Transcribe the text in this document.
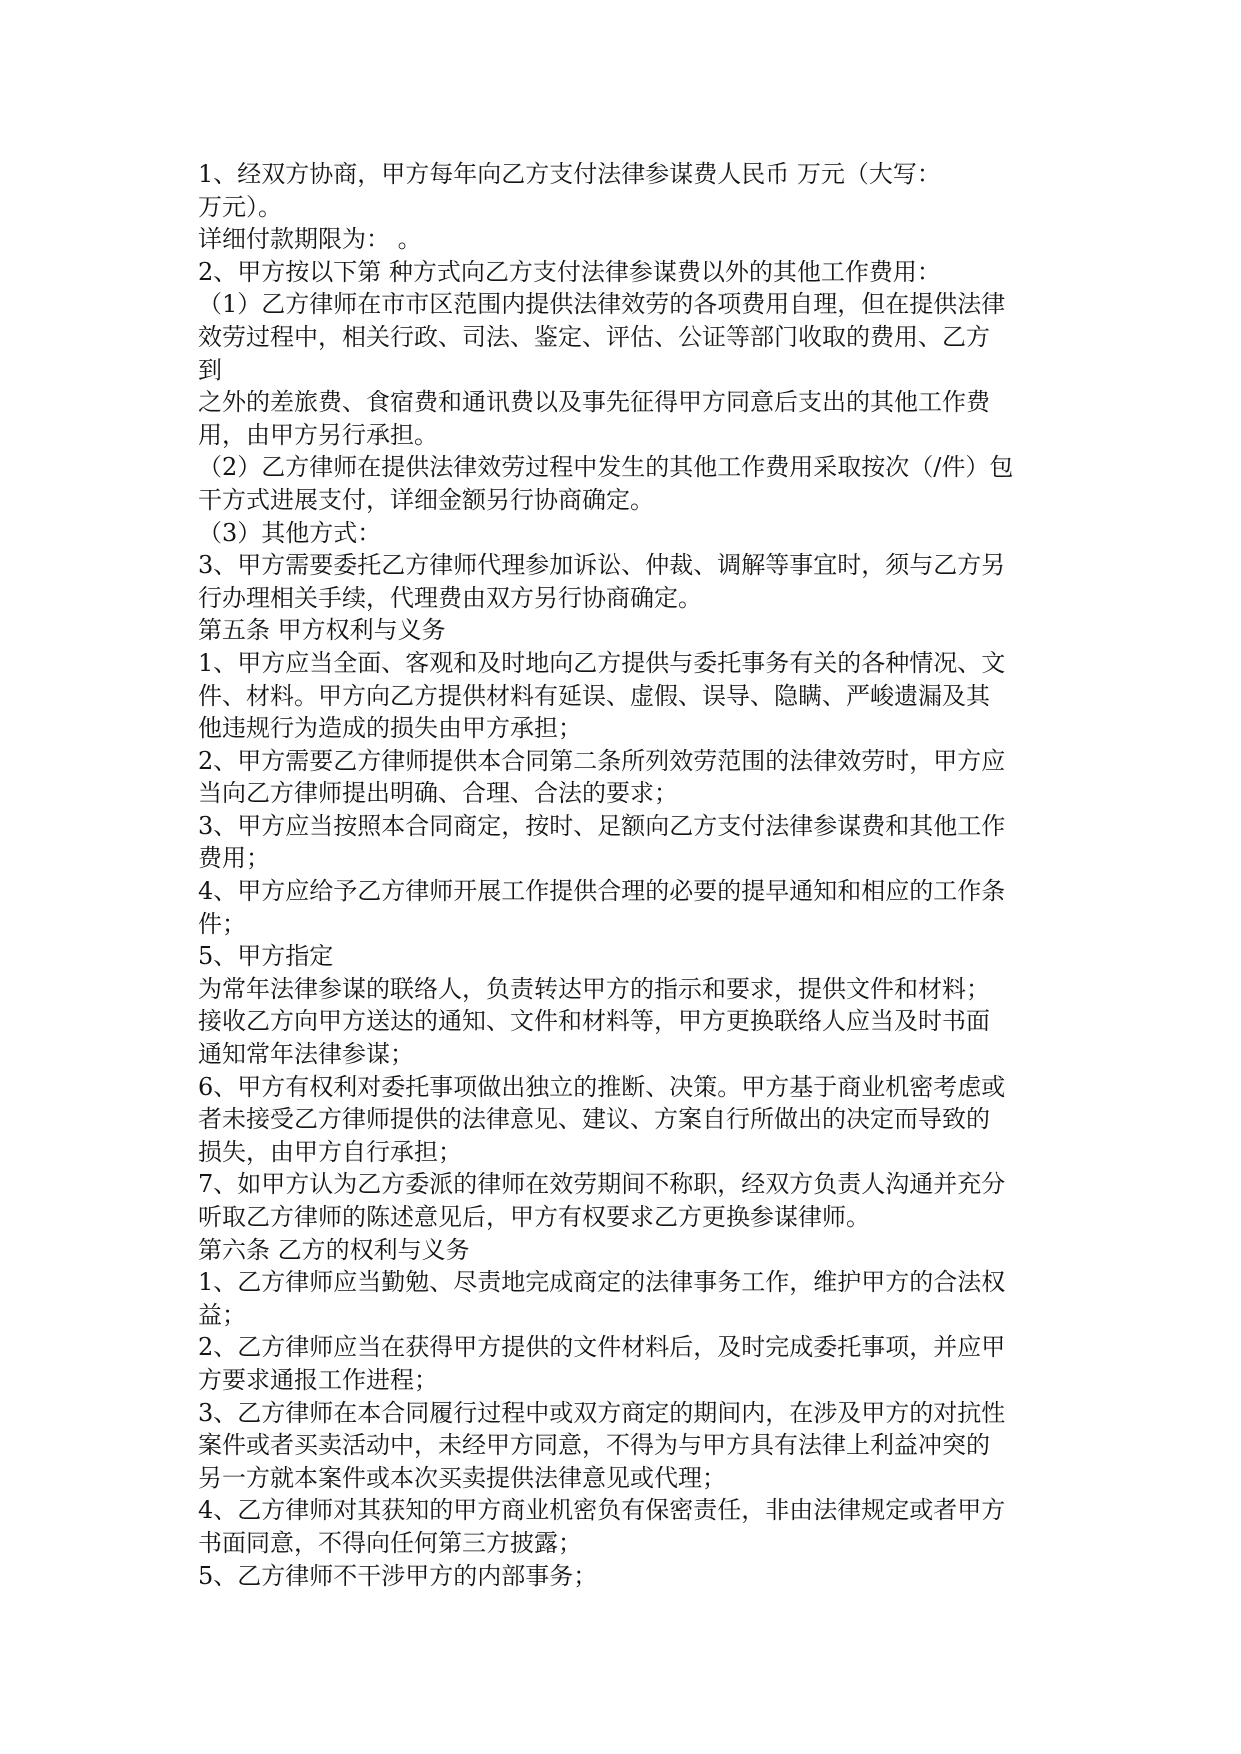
1、经双方协商，甲方每年向乙方支付法律参谋费人民币 万元（大写：
万元）。
详细付款期限为： 。
2、甲方按以下第 种方式向乙方支付法律参谋费以外的其他工作费用：
（1）乙方律师在市市区范围内提供法律效劳的各项费用自理，但在提供法律
效劳过程中，相关行政、司法、鉴定、评估、公证等部门收取的费用、乙方
到
之外的差旅费、食宿费和通讯费以及事先征得甲方同意后支出的其他工作费
用，由甲方另行承担。
（2）乙方律师在提供法律效劳过程中发生的其他工作费用采取按次（/件）包
干方式进展支付，详细金额另行协商确定。
（3）其他方式：
3、甲方需要委托乙方律师代理参加诉讼、仲裁、调解等事宜时，须与乙方另
行办理相关手续，代理费由双方另行协商确定。
第五条 甲方权利与义务
1、甲方应当全面、客观和及时地向乙方提供与委托事务有关的各种情况、文
件、材料。甲方向乙方提供材料有延误、虚假、误导、隐瞒、严峻遗漏及其
他违规行为造成的损失由甲方承担；
2、甲方需要乙方律师提供本合同第二条所列效劳范围的法律效劳时，甲方应
当向乙方律师提出明确、合理、合法的要求；
3、甲方应当按照本合同商定，按时、足额向乙方支付法律参谋费和其他工作
费用；
4、甲方应给予乙方律师开展工作提供合理的必要的提早通知和相应的工作条
件；
5、甲方指定
为常年法律参谋的联络人，负责转达甲方的指示和要求，提供文件和材料；
接收乙方向甲方送达的通知、文件和材料等，甲方更换联络人应当及时书面
通知常年法律参谋；
6、甲方有权利对委托事项做出独立的推断、决策。甲方基于商业机密考虑或
者未接受乙方律师提供的法律意见、建议、方案自行所做出的决定而导致的
损失，由甲方自行承担；
7、如甲方认为乙方委派的律师在效劳期间不称职，经双方负责人沟通并充分
听取乙方律师的陈述意见后，甲方有权要求乙方更换参谋律师。
第六条 乙方的权利与义务
1、乙方律师应当勤勉、尽责地完成商定的法律事务工作，维护甲方的合法权
益；
2、乙方律师应当在获得甲方提供的文件材料后，及时完成委托事项，并应甲
方要求通报工作进程；
3、乙方律师在本合同履行过程中或双方商定的期间内，在涉及甲方的对抗性
案件或者买卖活动中，未经甲方同意，不得为与甲方具有法律上利益冲突的
另一方就本案件或本次买卖提供法律意见或代理；
4、乙方律师对其获知的甲方商业机密负有保密责任，非由法律规定或者甲方
书面同意，不得向任何第三方披露；
5、乙方律师不干涉甲方的内部事务；
